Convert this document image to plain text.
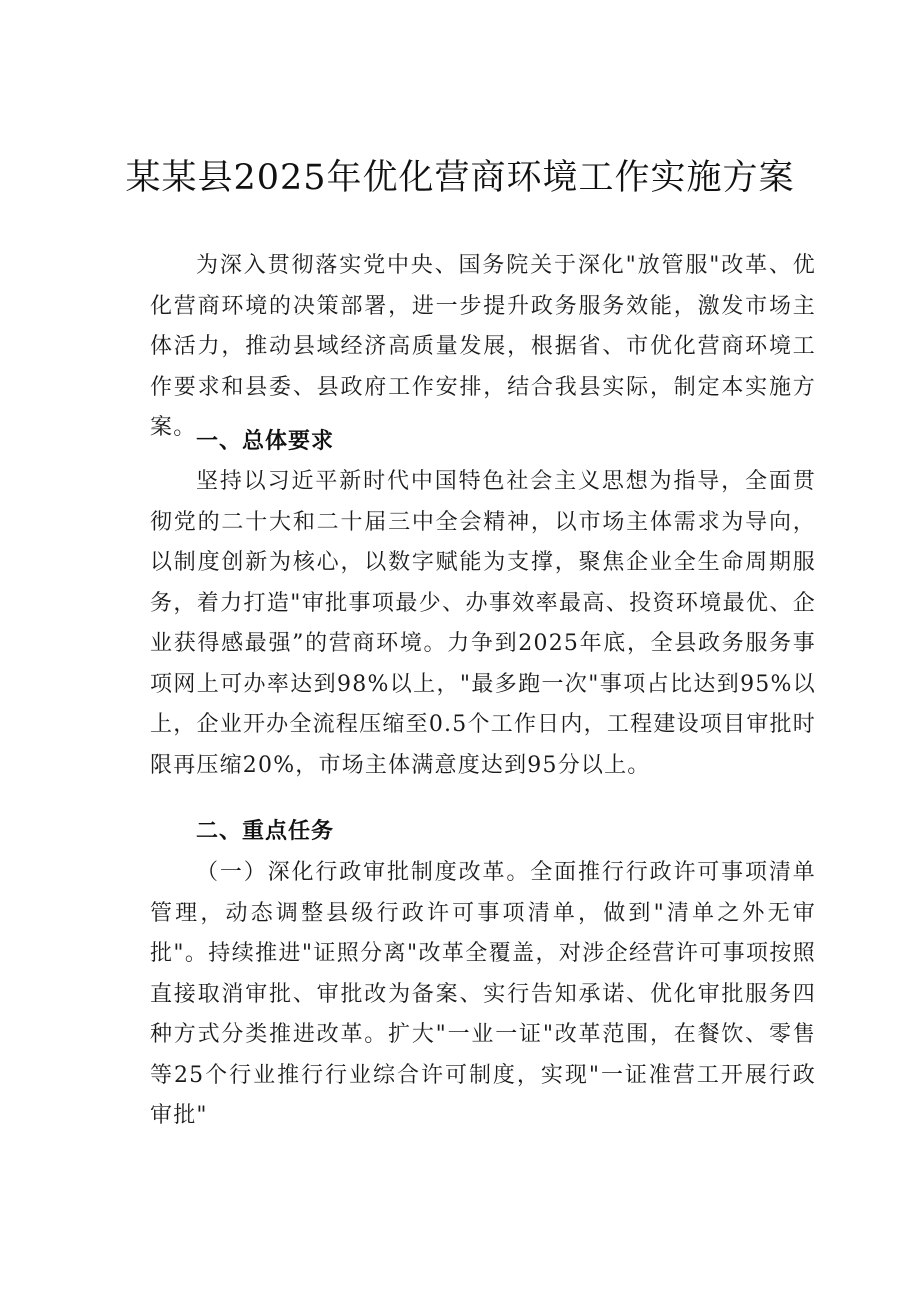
某某县2025年优化营商环境工作实施方案

为深入贯彻落实党中央、国务院关于深化"放管服"改革、优化营商环境的决策部署，进一步提升政务服务效能，激发市场主体活力，推动县域经济高质量发展，根据省、市优化营商环境工作要求和县委、县政府工作安排，结合我县实际，制定本实施方案。

一、总体要求

坚持以习近平新时代中国特色社会主义思想为指导，全面贯彻党的二十大和二十届三中全会精神，以市场主体需求为导向，以制度创新为核心，以数字赋能为支撑，聚焦企业全生命周期服务，着力打造"审批事项最少、办事效率最高、投资环境最优、企业获得感最强”的营商环境。力争到2025年底，全县政务服务事项网上可办率达到98%以上，"最多跑一次"事项占比达到95%以上，企业开办全流程压缩至0.5个工作日内，工程建设项目审批时限再压缩20%，市场主体满意度达到95分以上。

二、重点任务

（一）深化行政审批制度改革。全面推行行政许可事项清单管理，动态调整县级行政许可事项清单，做到"清单之外无审批"。持续推进"证照分离"改革全覆盖，对涉企经营许可事项按照直接取消审批、审批改为备案、实行告知承诺、优化审批服务四种方式分类推进改革。扩大"一业一证"改革范围，在餐饮、零售等25个行业推行行业综合许可制度，实现"一证准营工开展行政审批"
